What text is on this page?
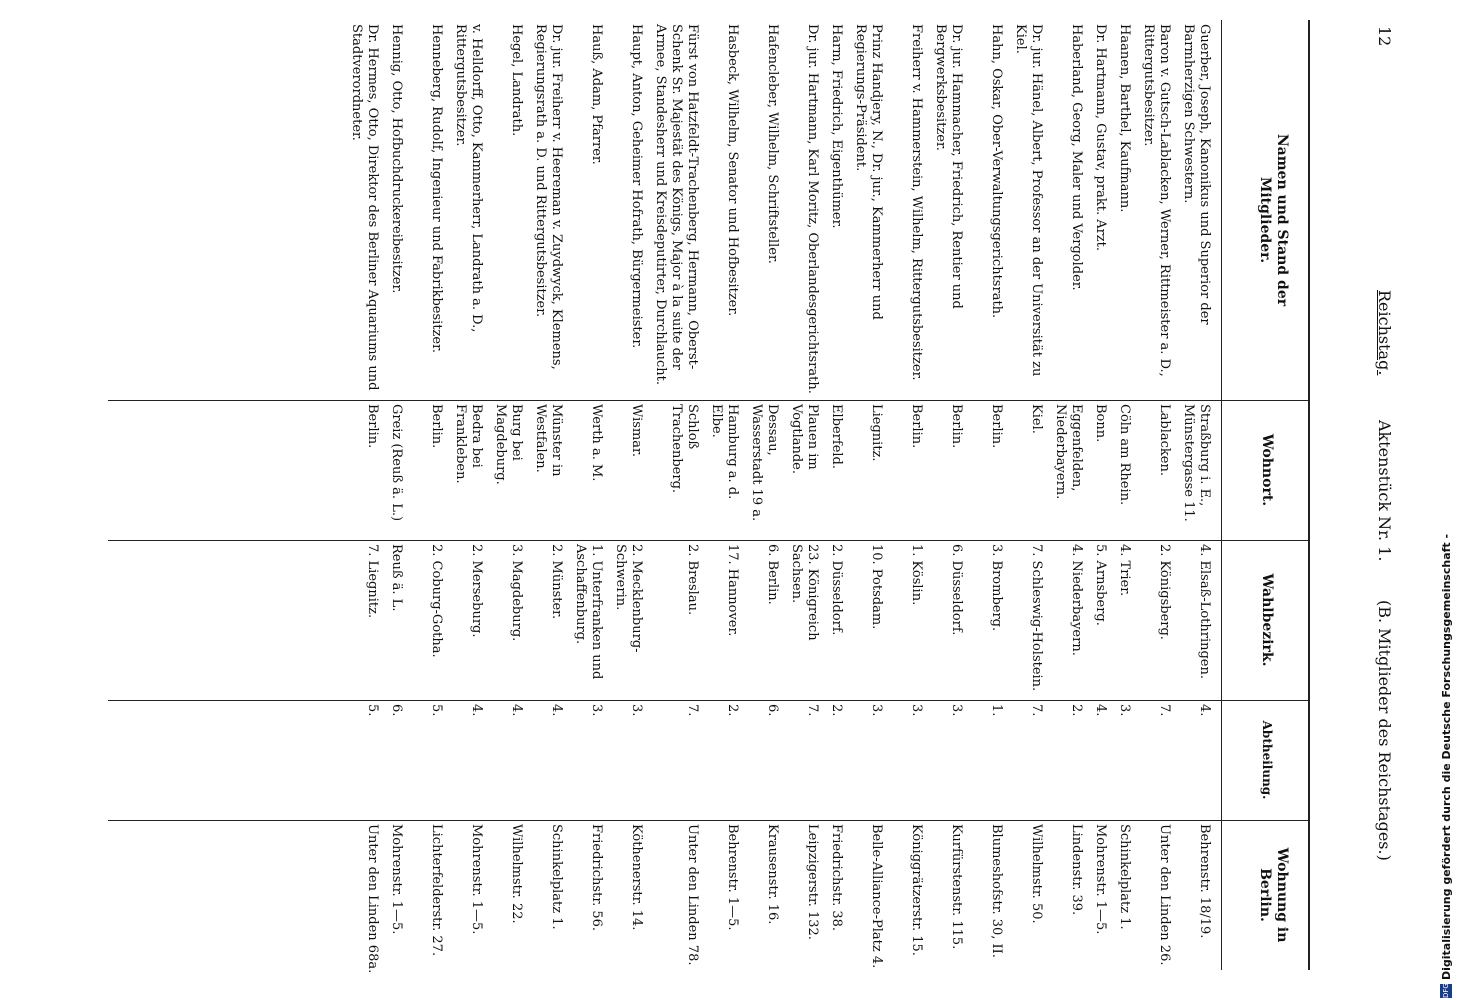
12
Reichstag.
Aktenstück Nr. 1.
(B. Mitglieder des Reichstages.)
Namen und Stand der Mitglieder.
Wohnort.
Wahlbezirk.
Abtheilung.
Wohnung in Berlin.
Guerber, Joseph, Kanonikus und Superior der Barmherzigen Schwestern.
Straßburg i. E., Münstergasse 11.
4. Elsaß-Lothringen.
4.
Behrenstr. 18/19.
Baron v. Gutsch-Lablacken, Werner, Rittmeister a. D., Rittergutsbesitzer.
Lablacken.
2. Königsberg.
7.
Unter den Linden 26.
Haanen, Barthel, Kaufmann.
Cöln am Rhein.
4. Trier.
3.
Schinkelplatz 1.
Dr. Hartmann, Gustav, prakt. Arzt.
Bonn.
5. Arnsberg.
4.
Mohrenstr. 1—5.
Haberland, Georg, Maler und Vergolder.
Eggenfelden, Niederbayern.
4. Niederbayern.
2.
Lindenstr. 39.
Dr. jur. Hänel, Albert, Professor an der Universität zu Kiel.
Kiel.
7. Schleswig-Holstein.
7.
Wilhelmstr. 50.
Hahn, Oskar, Ober-Verwaltungsgerichtsrath.
Berlin.
3. Bromberg.
1.
Blumeshofstr. 30, II.
Dr. jur. Hammacher, Friedrich, Rentier und Bergwerksbesitzer.
Berlin.
6. Düsseldorf.
3.
Kurfürstenstr. 115.
Freiherr v. Hammerstein, Wilhelm, Rittergutsbesitzer.
Berlin.
1. Köslin.
3.
Königgrätzerstr. 15.
Prinz Handjery, N., Dr. jur., Kammerherr und Regierungs-Präsident.
Liegnitz.
10. Potsdam.
3.
Belle-Alliance-Platz 4.
Harm, Friedrich, Eigenthümer.
Elberfeld.
2. Düsseldorf.
2.
Friedrichstr. 38.
Dr. jur. Hartmann, Karl Moritz, Oberlandesgerichtsrath.
Plauen im Vogtlande.
23. Königreich Sachsen.
7.
Leipzigerstr. 132.
Hafencleber, Wilhelm, Schriftsteller.
Dessau, Wasserstadt 19 a.
6. Berlin.
6.
Krausenstr. 16.
Hasbeck, Wilhelm, Senator und Hofbesitzer.
Hamburg a. d. Elbe.
17. Hannover.
2.
Behrenstr. 1—5.
Fürst von Hatzfeldt-Trachenberg, Hermann, Oberst-Schenk Sr. Majestät des Königs, Major à la suite der Armee, Standesherr und Kreisdeputirter, Durchlaucht.
Schloß Trachenberg.
2. Breslau.
7.
Unter den Linden 78.
Haupt, Anton, Geheimer Hofrath, Bürgermeister.
Wismar.
2. Mecklenburg-Schwerin.
3.
Köthenerstr. 14.
Hauß, Adam, Pfarrer.
Werth a. M.
1. Unterfranken und Aschaffenburg.
3.
Friedrichstr. 56.
Dr. jur. Freiherr v. Heereman v. Zuydwyck, Klemens, Regierungsrath a. D. und Rittergutsbesitzer.
Münster in Westfalen.
2. Münster.
4.
Schinkelplatz 1.
Hegel, Landrath.
Burg bei Magdeburg.
3. Magdeburg.
4.
Wilhelmstr. 22.
v. Helldorff, Otto, Kammerherr, Landrath a. D., Rittergutsbesitzer.
Bedra bei Frankleben.
2. Merseburg.
4.
Mohrenstr. 1—5.
Henneberg, Rudolf, Ingenieur und Fabrikbesitzer.
Berlin.
2. Coburg-Gotha.
5.
Lichterfelderstr. 27.
Hennig, Otto, Hofbuchdruckereibesitzer.
Greiz (Reuß ä. L.)
Reuß ä. L.
6.
Mohrenstr. 1—5.
Dr. Hermes, Otto, Direktor des Berliner Aquariums und Stadtverordneter.
Berlin.
7. Liegnitz.
5.
Unter den Linden 68a.	Digitalisierung gefördert durch die Deutsche Forschungsgemeinschaft -
DFG
